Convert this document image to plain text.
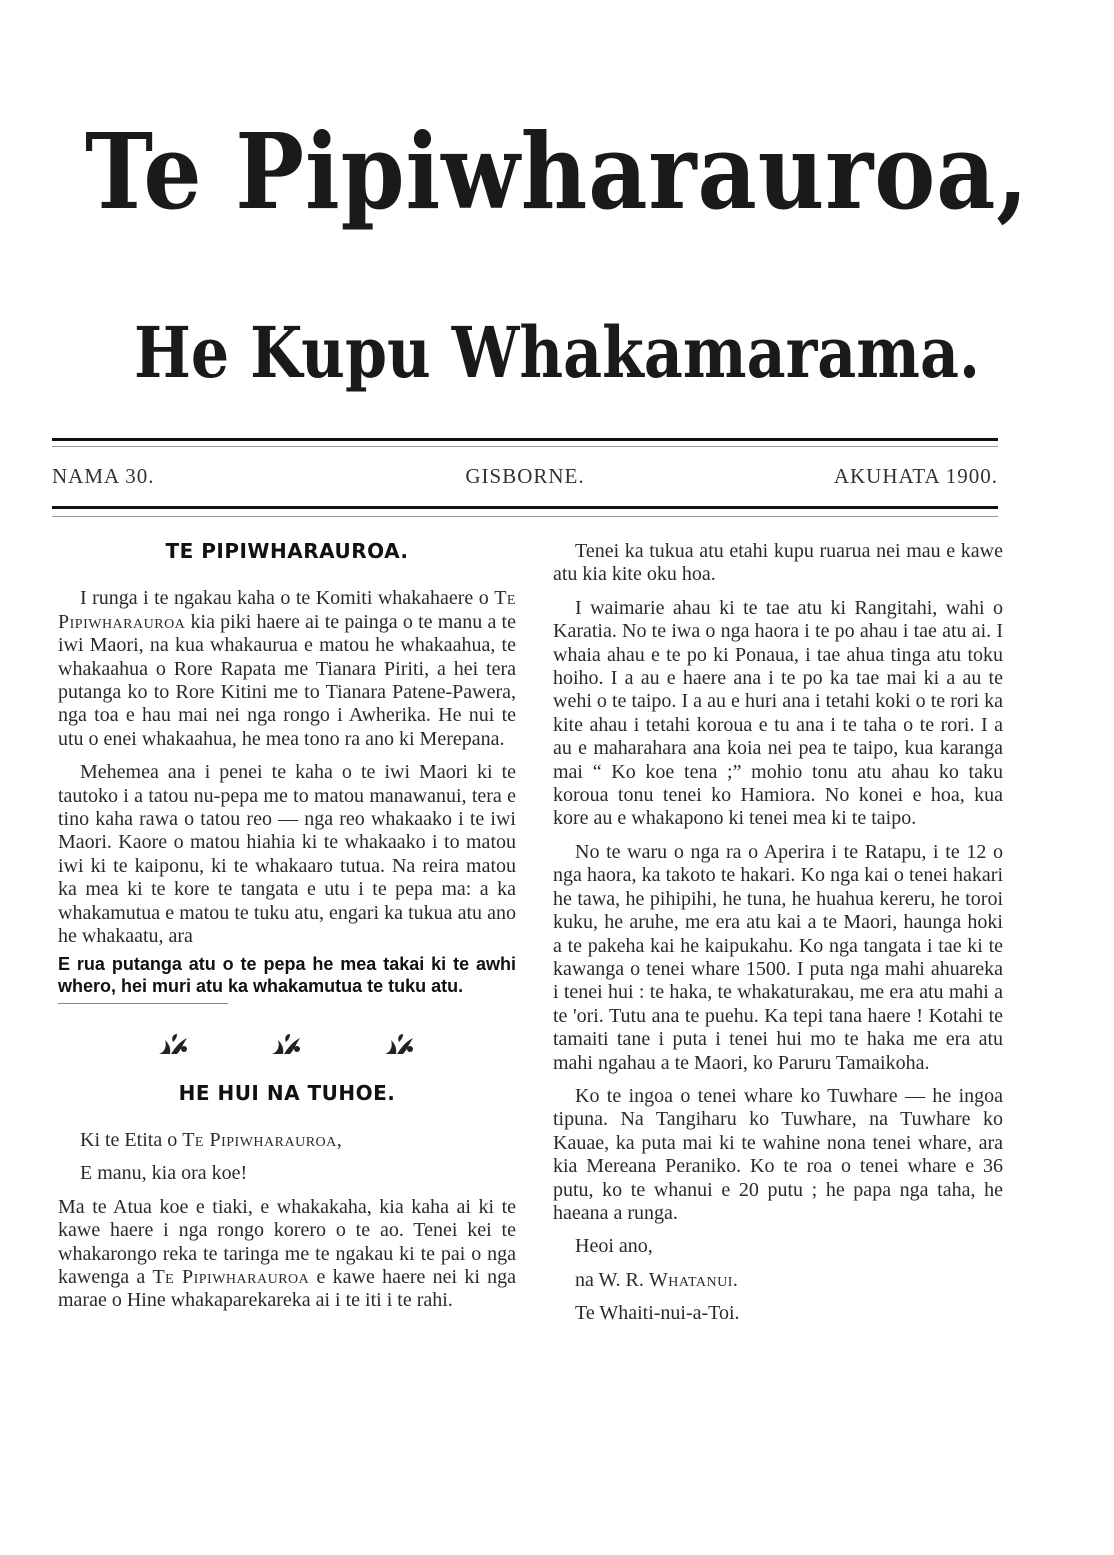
Te Pipiwharauroa,
He Kupu Whakamarama.
GISBORNE.
NAMA 30.	AKUHATA 1900.
TE PIPIWHARAUROA.

I runga i te ngakau kaha o te Komiti whakahaere o Te Pipiwharauroa kia piki haere ai te painga o te manu a te iwi Maori, na kua whakaurua e matou he whakaahua, te whakaahua o Rore Rapata me Tianara Piriti, a hei tera putanga ko to Rore Kitini me to Tianara Patene-Pawera, nga toa e hau mai nei nga rongo i Awherika. He nui te utu o enei whakaahua, he mea tono ra ano ki Merepana.

Mehemea ana i penei te kaha o te iwi Maori ki te tautoko i a tatou nu-pepa me to matou manawanui, tera e tino kaha rawa o tatou reo — nga reo whakaako i te iwi Maori. Kaore o matou hiahia ki te whakaako i to matou iwi ki te kaiponu, ki te whakaaro tutua. Na reira matou ka mea ki te kore te tangata e utu i te pepa ma: a ka whakamutua e matou te tuku atu, engari ka tukua atu ano he whakaatu, ara

E rua putanga atu o te pepa he mea takai ki te awhi whero, hei muri atu ka whakamutua te tuku atu.
HE HUI NA TUHOE.

Ki te Etita o Te Pipiwharauroa,

E manu, kia ora koe!

Ma te Atua koe e tiaki, e whakakaha, kia kaha ai ki te kawe haere i nga rongo korero o te ao. Tenei kei te whakarongo reka te taringa me te ngakau ki te pai o nga kawenga a Te Pipiwharauroa e kawe haere nei ki nga marae o Hine whakaparekareka ai i te iti i te rahi.

Tenei ka tukua atu etahi kupu ruarua nei mau e kawe atu kia kite oku hoa.

I waimarie ahau ki te tae atu ki Rangitahi, wahi o Karatia. No te iwa o nga haora i te po ahau i tae atu ai. I whaia ahau e te po ki Ponaua, i tae ahua tinga atu toku hoiho. I a au e haere ana i te po ka tae mai ki a au te wehi o te taipo. I a au e huri ana i tetahi koki o te rori ka kite ahau i tetahi koroua e tu ana i te taha o te rori. I a au e maharahara ana koia nei pea te taipo, kua karanga mai “ Ko koe tena ;” mohio tonu atu ahau ko taku koroua tonu tenei ko Hamiora. No konei e hoa, kua kore au e whakapono ki tenei mea ki te taipo.

No te waru o nga ra o Aperira i te Ratapu, i te 12 o nga haora, ka takoto te hakari. Ko nga kai o tenei hakari he tawa, he pihipihi, he tuna, he huahua kereru, he toroi kuku, he aruhe, me era atu kai a te Maori, haunga hoki a te pakeha kai he kaipukahu. Ko nga tangata i tae ki te kawanga o tenei whare 1500. I puta nga mahi ahuareka i tenei hui : te haka, te whakaturakau, me era atu mahi a te 'ori. Tutu ana te puehu. Ka tepi tana haere ! Kotahi te tamaiti tane i puta i tenei hui mo te haka me era atu mahi ngahau a te Maori, ko Paruru Tamaikoha.

Ko te ingoa o tenei whare ko Tuwhare — he ingoa tipuna. Na Tangiharu ko Tuwhare, na Tuwhare ko Kauae, ka puta mai ki te wahine nona tenei whare, ara kia Mereana Peraniko. Ko te roa o tenei whare e 36 putu, ko te whanui e 20 putu ; he papa nga taha, he haeana a runga.

Heoi ano,

na W. R. Whatanui.

Te Whaiti-nui-a-Toi.
